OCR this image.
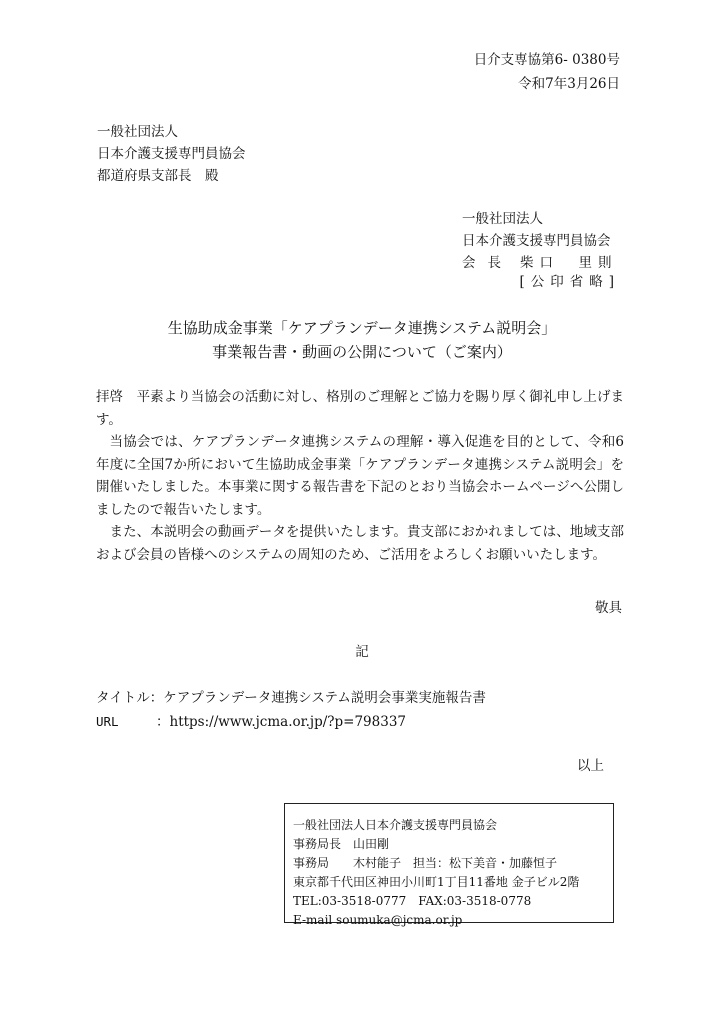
日介支専協第6- 0380号
令和7年3月26日
一般社団法人
日本介護支援専門員協会
都道府県支部長　殿
一般社団法人
日本介護支援専門員協会
会長 柴口　里則
[公印省略]
生協助成金事業「ケアプランデータ連携システム説明会」
事業報告書・動画の公開について（ご案内）

拝啓　平素より当協会の活動に対し、格別のご理解とご協力を賜り厚く御礼申し上げます。

当協会では、ケアプランデータ連携システムの理解・導入促進を目的として、令和6年度に全国7か所において生協助成金事業「ケアプランデータ連携システム説明会」を開催いたしました。本事業に関する報告書を下記のとおり当協会ホームページへ公開しましたので報告いたします。

また、本説明会の動画データを提供いたします。貴支部におかれましては、地域支部および会員の皆様へのシステムの周知のため、ご活用をよろしくお願いいたします。

敬具
記
タイトル：ケアプランデータ連携システム説明会事業実施報告書
URL	：https://www.jcma.or.jp/?p=798337
以上
一般社団法人日本介護支援専門員協会
事務局長　山田剛
事務局　　木村能子　担当：松下美音・加藤恒子
東京都千代田区神田小川町1丁目11番地 金子ビル2階
TEL:03-3518-0777　FAX:03-3518-0778
E-mail soumuka@jcma.or.jp
